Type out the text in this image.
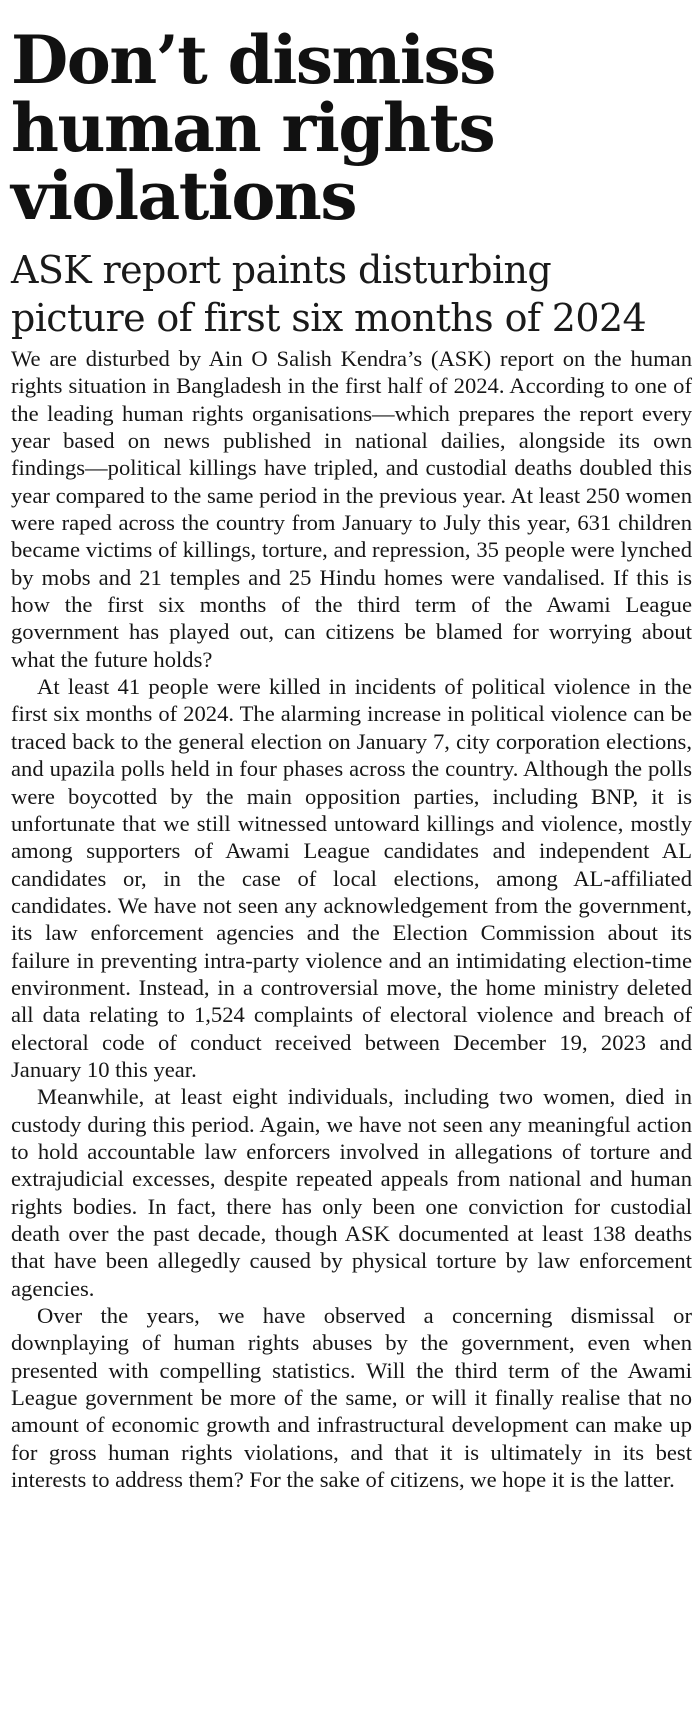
Don’t dismiss human rights violations
ASK report paints disturbing picture of first six months of 2024

We are disturbed by Ain O Salish Kendra’s (ASK) report on the human rights situation in Bangladesh in the first half of 2024. According to one of the leading human rights organisations—which prepares the report every year based on news published in national dailies, alongside its own findings—political killings have tripled, and custodial deaths doubled this year compared to the same period in the previous year. At least 250 women were raped across the country from January to July this year, 631 children became victims of killings, torture, and repression, 35 people were lynched by mobs and 21 temples and 25 Hindu homes were vandalised. If this is how the first six months of the third term of the Awami League government has played out, can citizens be blamed for worrying about what the future holds?

At least 41 people were killed in incidents of political violence in the first six months of 2024. The alarming increase in political violence can be traced back to the general election on January 7, city corporation elections, and upazila polls held in four phases across the country. Although the polls were boycotted by the main opposition parties, including BNP, it is unfortunate that we still witnessed untoward killings and violence, mostly among supporters of Awami League candidates and independent AL candidates or, in the case of local elections, among AL-affiliated candidates. We have not seen any acknowledgement from the government, its law enforcement agencies and the Election Commission about its failure in preventing intra-party violence and an intimidating election-time environment. Instead, in a controversial move, the home ministry deleted all data relating to 1,524 complaints of electoral violence and breach of electoral code of conduct received between December 19, 2023 and January 10 this year.

Meanwhile, at least eight individuals, including two women, died in custody during this period. Again, we have not seen any meaningful action to hold accountable law enforcers involved in allegations of torture and extrajudicial excesses, despite repeated appeals from national and human rights bodies. In fact, there has only been one conviction for custodial death over the past decade, though ASK documented at least 138 deaths that have been allegedly caused by physical torture by law enforcement agencies.

Over the years, we have observed a concerning dismissal or downplaying of human rights abuses by the government, even when presented with compelling statistics. Will the third term of the Awami League government be more of the same, or will it finally realise that no amount of economic growth and infrastructural development can make up for gross human rights violations, and that it is ultimately in its best interests to address them? For the sake of citizens, we hope it is the latter.
